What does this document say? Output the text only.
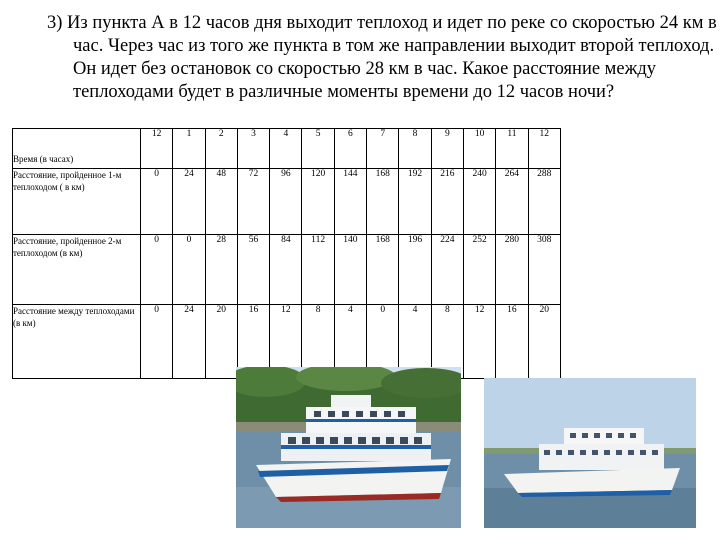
3) Из пункта А в 12 часов дня выходит теплоход и идет по реке со скоростью 24 км в час. Через час из того же пункта в том же направлении выходит второй теплоход. Он идет без остановок со скоростью 28 км в час. Какое расстояние между теплоходами будет в различные моменты времени до 12 часов ночи?

Время (в часах)	12	1	2	3	4	5	6	7	8	9	10	11	12
Расстояние, пройденное 1-м теплоходом ( в км)	0	24	48	72	96	120	144	168	192	216	240	264	288
Расстояние, пройденное 2-м теплоходом (в км)	0	0	28	56	84	112	140	168	196	224	252	280	308
Расстояние между теплоходами (в км)	0	24	20	16	12	8	4	0	4	8	12	16	20
